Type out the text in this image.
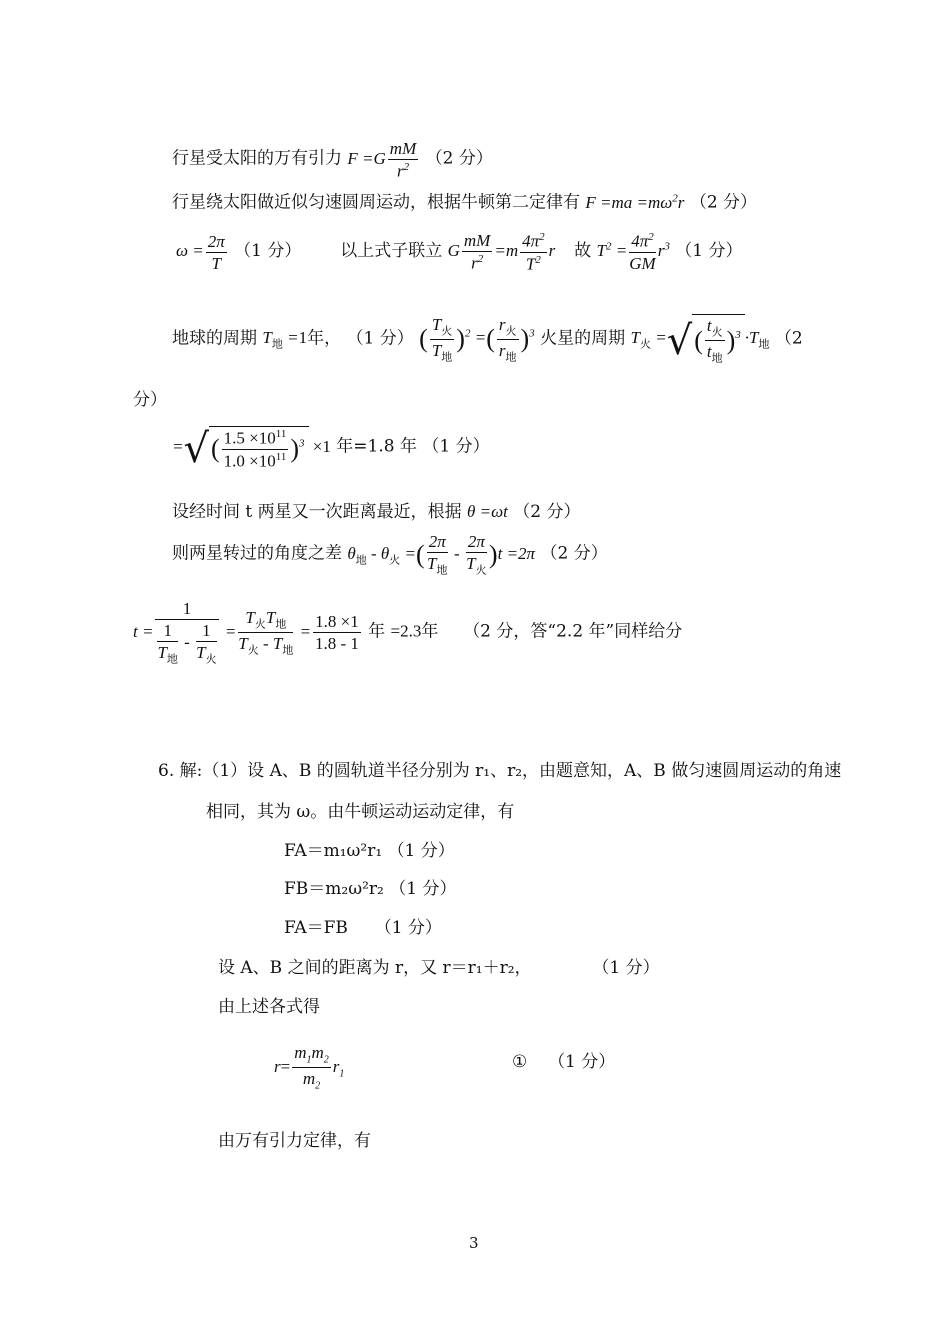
行星受太阳的万有引力 $F =G \frac{mM}{r^2} (2$ 分）
行星绕太阳做近似匀速圆周运动，根据牛顿第二定律有 $F =ma =m\omega^2r$ （2 分）
$\omega = \frac{2\pi}{T} (1$ 分） 以上式子联立 G $\frac{mM}{r^2} =m \frac{4\pi^2}{T^2}$ r 故 $T^2 = \frac{4\pi^2}{GM} r^3$ （1 分）
地球的周期 $T_地 =1$年， （1 分） ( $\frac{T_火}{T_地} )^2$ =( $\frac{r_火}{r_地} )^3$ 火星的周期 $T_火$ =√( $\frac{t_火}{t_地} )^3 \cdot T_地$ （2
分）
=√( $\frac{1.5 \times 10^{11}}{1.0 \times 10^{11}} )^3 \times 1$ 年=1.8 年 （1 分）
设经时间 t 两星又一次距离最近，根据 θ =ωt （2 分）
则两星转过的角度之差 $\theta_地 - \theta_火$ =( $\frac{2\pi}{T_地} - \frac{2\pi}{T_火} )t =2\pi$ （2 分）
$t = \frac{1}{\frac{1}{T_地} - \frac{1}{T_火}} = \frac{T_火T_地}{T_火 - T_地} = \frac{1.8 \times 1}{1.8 - 1}$ 年 =2.3年 （2 分，答“2.2 年”同样给分
6. 解:（1）设 A、B 的圆轨道半径分别为 r₁、r₂，由题意知，A、B 做匀速圆周运动的角速
相同，其为 ω。由牛顿运动运动定律，有
FA＝m₁ω²r₁ （1 分）
FB＝m₂ω²r₂ （1 分）
FA＝FB （1 分）
设 A、B 之间的距离为 r，又 r＝r₁＋r₂，	（1 分）
由上述各式得
$r= \frac{m_1m_2}{m_2} r_1$
① （1 分）
由万有引力定律，有
3
